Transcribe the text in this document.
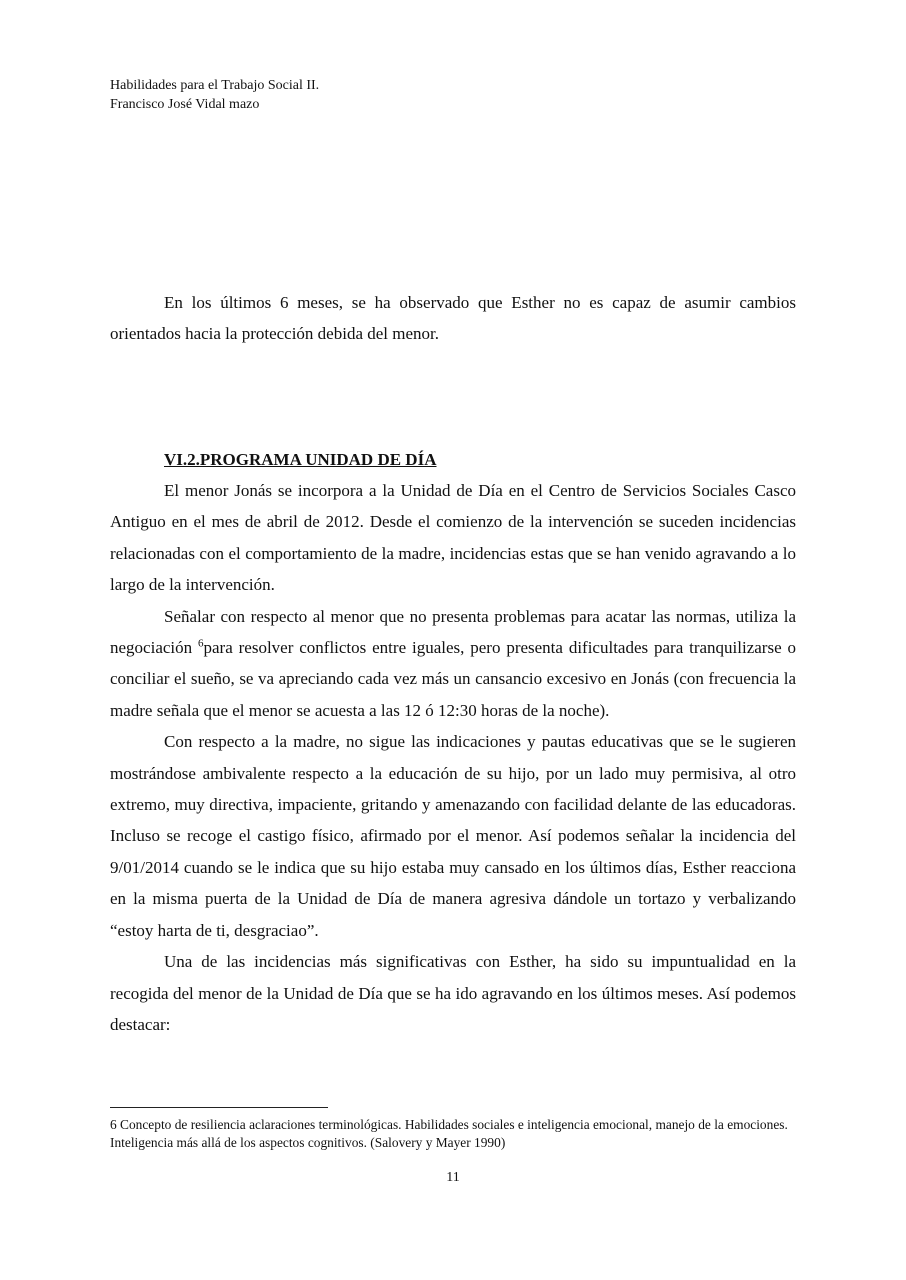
Habilidades para el Trabajo Social II.
Francisco José Vidal mazo

En los últimos 6 meses, se ha observado que Esther no es capaz de asumir cambios orientados hacia la protección debida del menor.

VI.2.PROGRAMA UNIDAD DE DÍA

El menor Jonás se incorpora a la Unidad de Día en el Centro de Servicios Sociales Casco Antiguo en el mes de abril de 2012. Desde el comienzo de la intervención se suceden incidencias relacionadas con el comportamiento de la madre, incidencias estas que se han venido agravando a lo largo de la intervención.

Señalar con respecto al menor que no presenta problemas para acatar las normas, utiliza la negociación $^6$para resolver conflictos entre iguales, pero presenta dificultades para tranquilizarse o conciliar el sueño, se va apreciando cada vez más un cansancio excesivo en Jonás (con frecuencia la madre señala que el menor se acuesta a las 12 ó 12:30 horas de la noche).

Con respecto a la madre, no sigue las indicaciones y pautas educativas que se le sugieren mostrándose ambivalente respecto a la educación de su hijo, por un lado muy permisiva, al otro extremo, muy directiva, impaciente, gritando y amenazando con facilidad delante de las educadoras. Incluso se recoge el castigo físico, afirmado por el menor. Así podemos señalar la incidencia del 9/01/2014 cuando se le indica que su hijo estaba muy cansado en los últimos días, Esther reacciona en la misma puerta de la Unidad de Día de manera agresiva dándole un tortazo y verbalizando “estoy harta de ti, desgraciao”.

Una de las incidencias más significativas con Esther, ha sido su impuntualidad en la recogida del menor de la Unidad de Día que se ha ido agravando en los últimos meses. Así podemos destacar:

6 Concepto de resiliencia aclaraciones terminológicas. Habilidades sociales e inteligencia emocional, manejo de la emociones. Inteligencia más allá de los aspectos cognitivos. (Salovery y Mayer 1990)
11
